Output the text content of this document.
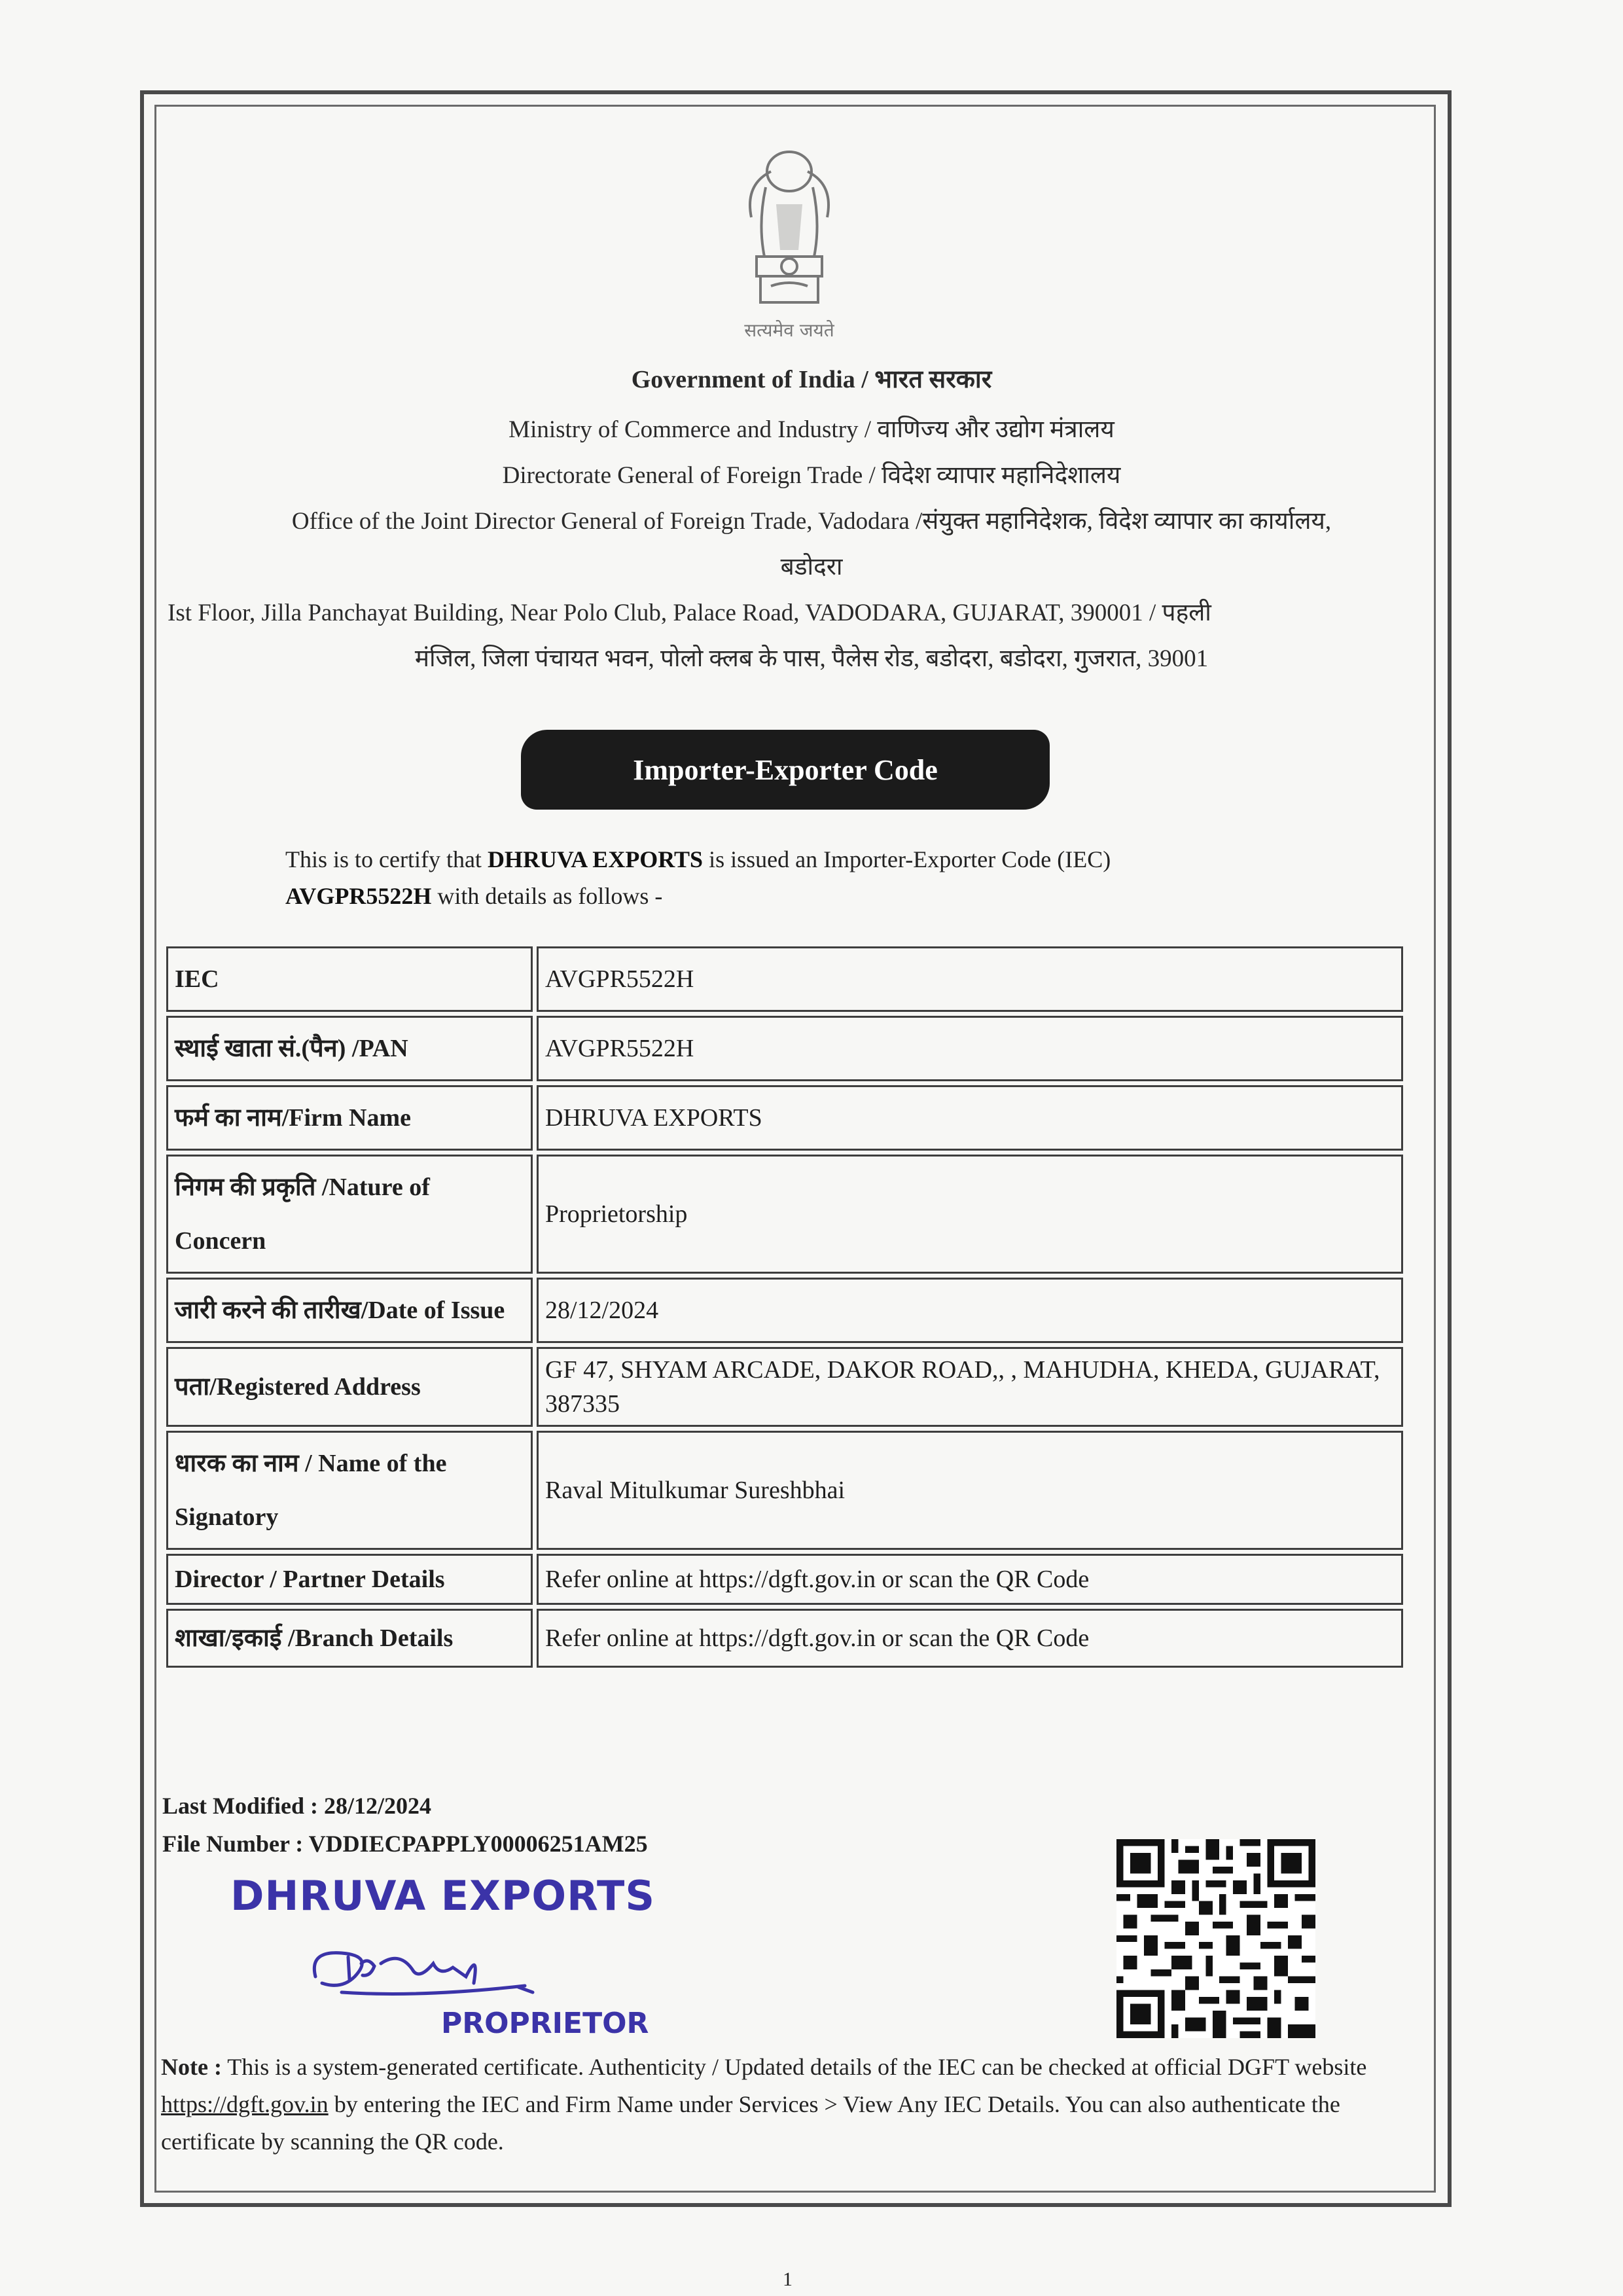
सत्यमेव जयते
Government of India / भारत सरकार
Ministry of Commerce and Industry / वाणिज्य और उद्योग मंत्रालय
Directorate General of Foreign Trade / विदेश व्यापार महानिदेशालय
Office of the Joint Director General of Foreign Trade, Vadodara /संयुक्त महानिदेशक, विदेश व्यापार का कार्यालय,
बडोदरा
Ist Floor, Jilla Panchayat Building, Near Polo Club, Palace Road, VADODARA, GUJARAT, 390001 / पहली
मंजिल, जिला पंचायत भवन, पोलो क्लब के पास, पैलेस रोड, बडोदरा, बडोदरा, गुजरात, 39001
Importer-Exporter Code
This is to certify that DHRUVA EXPORTS is issued an Importer-Exporter Code (IEC)
AVGPR5522H with details as follows -
IEC	AVGPR5522H
स्थाई खाता सं.(पैन) /PAN	AVGPR5522H
फर्म का नाम/Firm Name	DHRUVA EXPORTS
निगम की प्रकृति /Nature of Concern	Proprietorship
जारी करने की तारीख/Date of Issue	28/12/2024
पता/Registered Address	GF 47, SHYAM ARCADE, DAKOR ROAD,, , MAHUDHA, KHEDA, GUJARAT, 387335
धारक का नाम / Name of the Signatory	Raval Mitulkumar Sureshbhai
Director / Partner Details	Refer online at https://dgft.gov.in or scan the QR Code
शाखा/इकाई /Branch Details	Refer online at https://dgft.gov.in or scan the QR Code
Last Modified : 28/12/2024
File Number : VDDIECPAPPLY00006251AM25
DHRUVA EXPORTS
PROPRIETOR
Note : This is a system-generated certificate. Authenticity / Updated details of the IEC can be checked at official DGFT website https://dgft.gov.in by entering the IEC and Firm Name under Services > View Any IEC Details. You can also authenticate the certificate by scanning the QR code.
1
